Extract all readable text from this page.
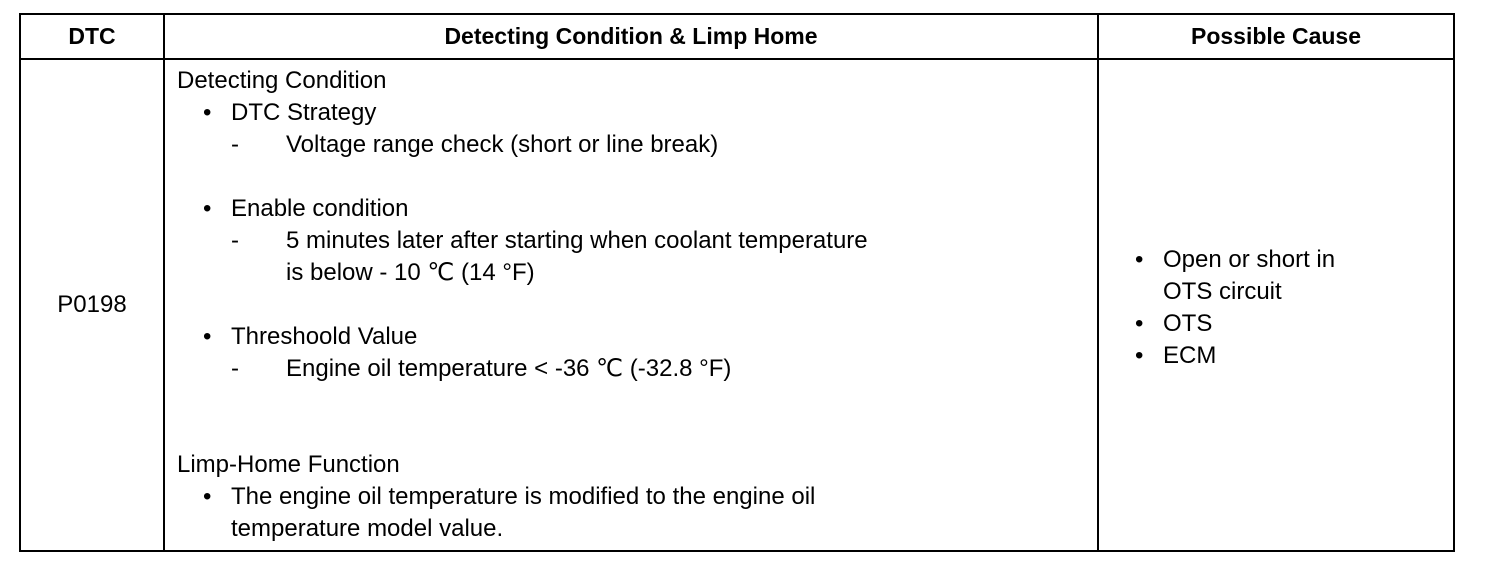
DTC	Detecting Condition & Limp Home	Possible Cause
P0198
Detecting Condition
• DTC Strategy
- Voltage range check (short or line break)
• Enable condition
- 5 minutes later after starting when coolant temperature
is below - 10 ℃ (14 °F)
• Threshoold Value
- Engine oil temperature < -36 ℃ (-32.8 °F)
Limp-Home Function
• The engine oil temperature is modified to the engine oil
temperature model value.
• Open or short in
OTS circuit
• OTS
• ECM
